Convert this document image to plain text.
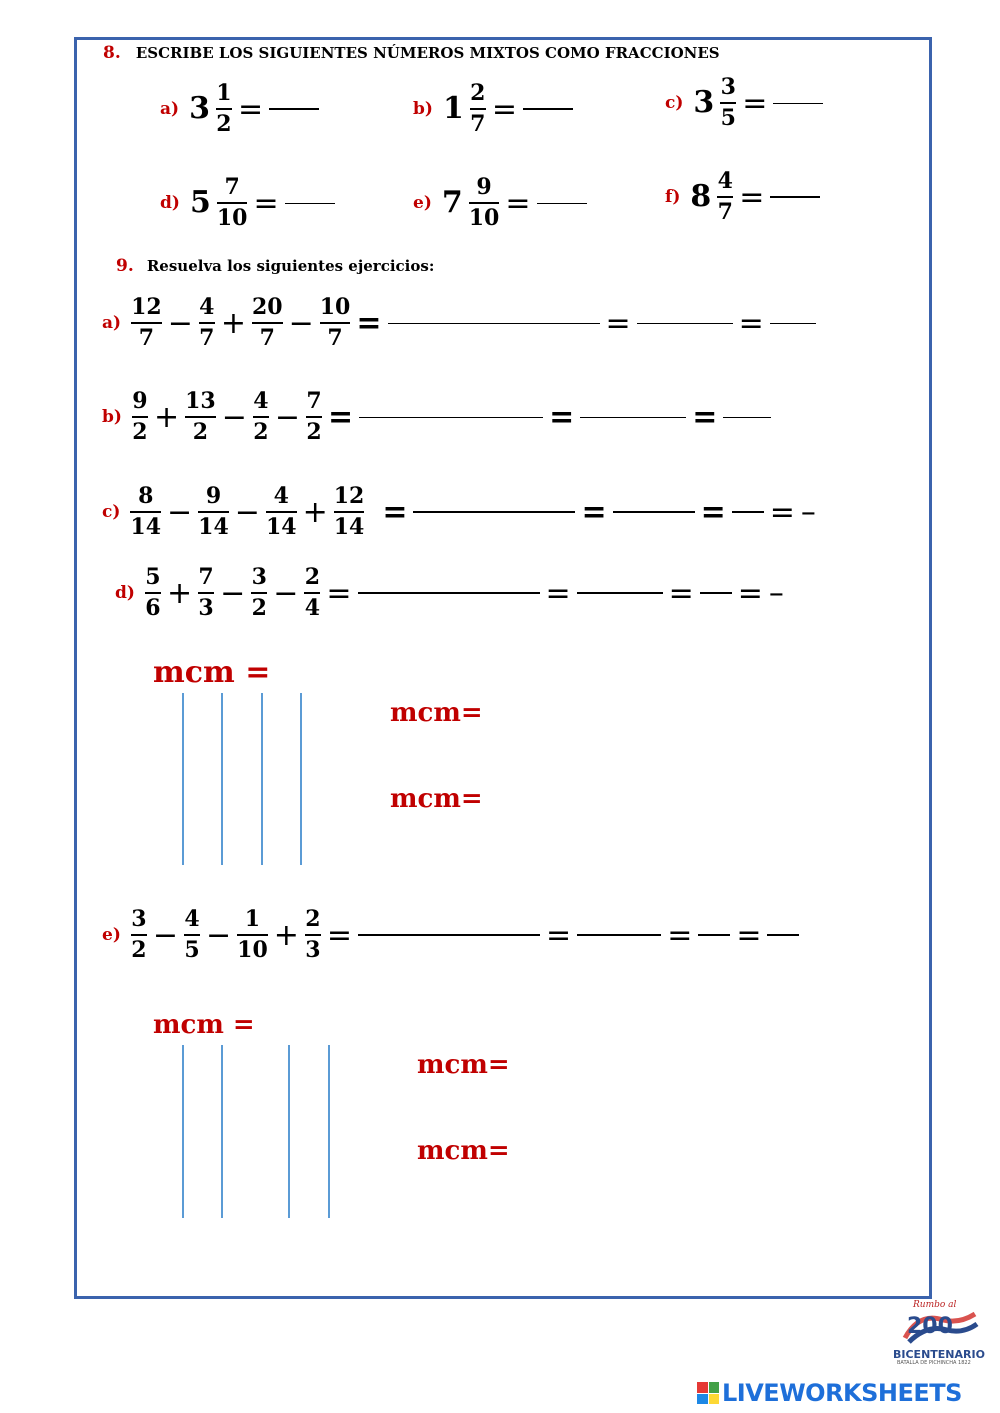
8. ESCRIBE LOS SIGUIENTES NÚMEROS MIXTOS COMO FRACCIONES
a) $3 \frac{1}{2}$ =	b) $1 \frac{2}{7}$ =	c) $3 \frac{3}{5}$ =
d) $5 \frac{7}{10}$ =	e) $7 \frac{9}{10}$ =	f) $8 \frac{4}{7}$ =
9. Resuelva los siguientes ejercicios:
$a) \frac{12}{7} - \frac{4}{7} + \frac{20}{7} - \frac{10}{7}$ =	=	=
$b) \frac{9}{2} + \frac{13}{2} - \frac{4}{2} - \frac{7}{2}$ =	=	=
$c) \frac{8}{14} - \frac{9}{14} - \frac{4}{14} + \frac{12}{14}$ =	=	= = –
$d) \frac{5}{6} + \frac{7}{3} - \frac{3}{2} - \frac{2}{4}$ =	=	= = –
mcm =
mcm=
mcm=
$e) \frac{3}{2} - \frac{4}{5} - \frac{1}{10} + \frac{2}{3}$ =	=	= =
mcm =
mcm=
mcm=
Rumbo al
200
BICENTENARIO
BATALLA DE PICHINCHA 1822
LIVEWORKSHEETS
